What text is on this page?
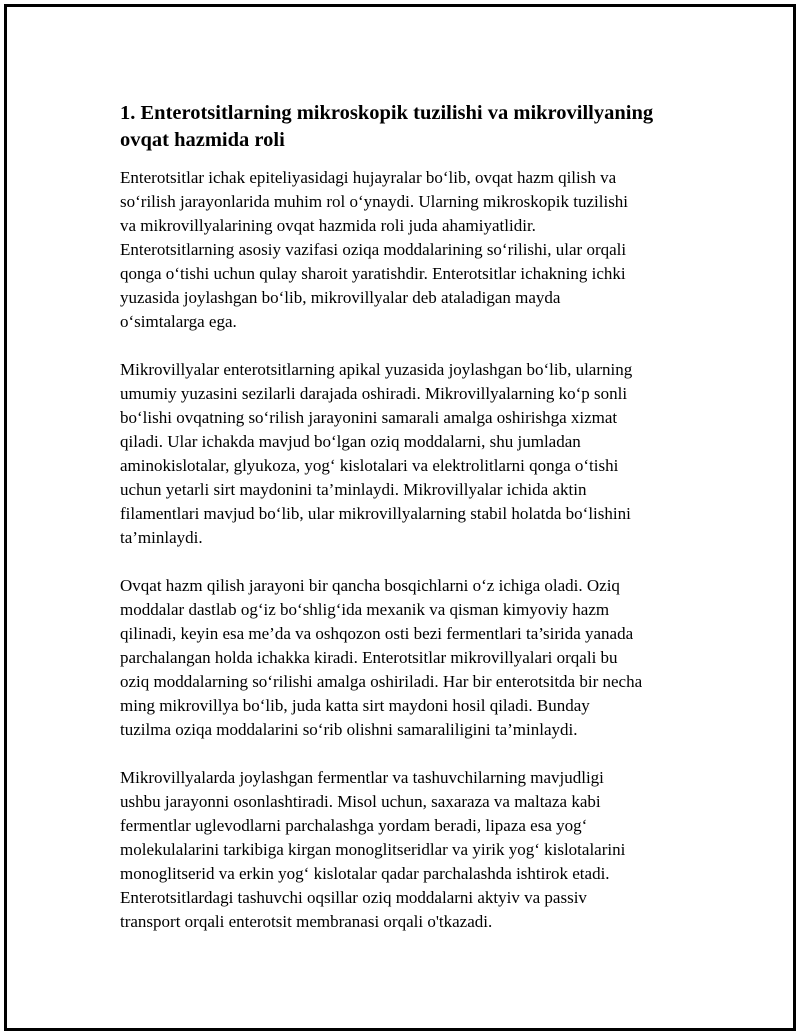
1. Enterotsitlarning mikroskopik tuzilishi va mikrovillyaning ovqat hazmida roli

Enterotsitlar ichak epiteliyasidagi hujayralar bo‘lib, ovqat hazm qilish va
so‘rilish jarayonlarida muhim rol o‘ynaydi. Ularning mikroskopik tuzilishi
va mikrovillyalarining ovqat hazmida roli juda ahamiyatlidir.
Enterotsitlarning asosiy vazifasi oziqa moddalarining so‘rilishi, ular orqali
qonga o‘tishi uchun qulay sharoit yaratishdir. Enterotsitlar ichakning ichki
yuzasida joylashgan bo‘lib, mikrovillyalar deb ataladigan mayda
o‘simtalarga ega.

Mikrovillyalar enterotsitlarning apikal yuzasida joylashgan bo‘lib, ularning
umumiy yuzasini sezilarli darajada oshiradi. Mikrovillyalarning ko‘p sonli
bo‘lishi ovqatning so‘rilish jarayonini samarali amalga oshirishga xizmat
qiladi. Ular ichakda mavjud bo‘lgan oziq moddalarni, shu jumladan
aminokislotalar, glyukoza, yog‘ kislotalari va elektrolitlarni qonga o‘tishi
uchun yetarli sirt maydonini ta’minlaydi. Mikrovillyalar ichida aktin
filamentlari mavjud bo‘lib, ular mikrovillyalarning stabil holatda bo‘lishini
ta’minlaydi.

Ovqat hazm qilish jarayoni bir qancha bosqichlarni o‘z ichiga oladi. Oziq
moddalar dastlab og‘iz bo‘shlig‘ida mexanik va qisman kimyoviy hazm
qilinadi, keyin esa me’da va oshqozon osti bezi fermentlari ta’sirida yanada
parchalangan holda ichakka kiradi. Enterotsitlar mikrovillyalari orqali bu
oziq moddalarning so‘rilishi amalga oshiriladi. Har bir enterotsitda bir necha
ming mikrovillya bo‘lib, juda katta sirt maydoni hosil qiladi. Bunday
tuzilma oziqa moddalarini so‘rib olishni samaraliligini ta’minlaydi.

Mikrovillyalarda joylashgan fermentlar va tashuvchilarning mavjudligi
ushbu jarayonni osonlashtiradi. Misol uchun, saxaraza va maltaza kabi
fermentlar uglevodlarni parchalashga yordam beradi, lipaza esa yog‘
molekulalarini tarkibiga kirgan monoglitseridlar va yirik yog‘ kislotalarini
monoglitserid va erkin yog‘ kislotalar qadar parchalashda ishtirok etadi.
Enterotsitlardagi tashuvchi oqsillar oziq moddalarni aktyiv va passiv
transport orqali enterotsit membranasi orqali o'tkazadi.
